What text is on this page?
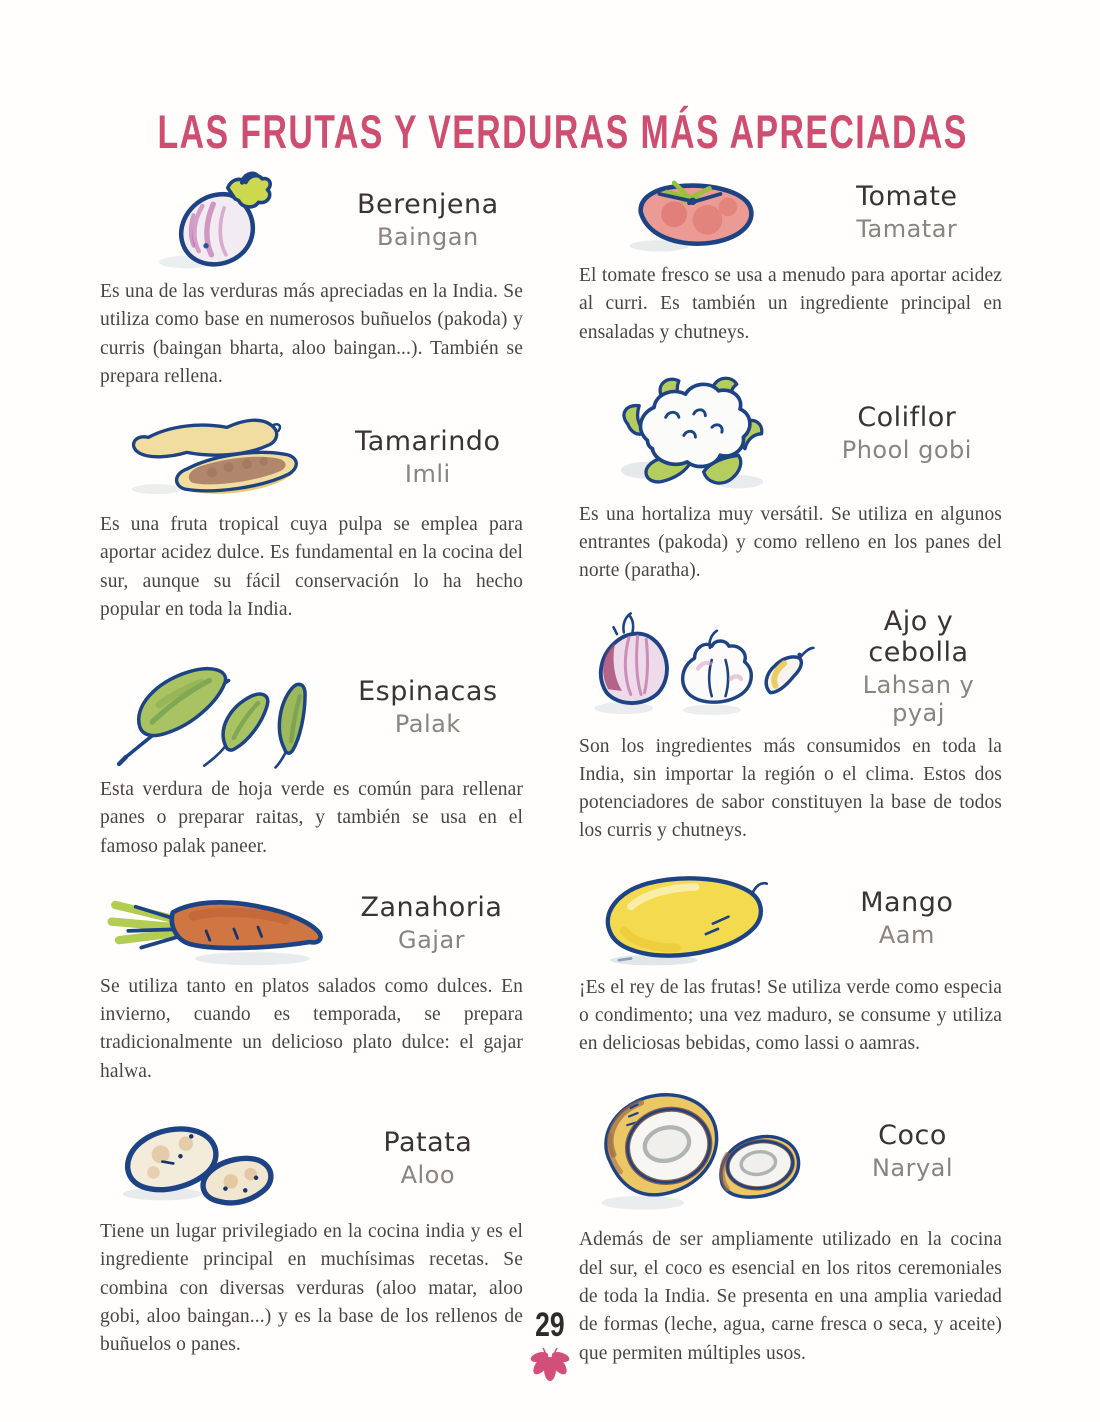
LAS FRUTAS Y VERDURAS MÁS APRECIADAS
Berenjena
Baingan
Es una de las verduras más apreciadas en la India. Se utiliza como base en numerosos buñuelos (pakoda) y curris (baingan bharta, aloo baingan...). También se prepara rellena.
Tamarindo
Imli
Es una fruta tropical cuya pulpa se emplea para aportar acidez dulce. Es fundamental en la cocina del sur, aunque su fácil conservación lo ha hecho popular en toda la India.
Espinacas
Palak
Esta verdura de hoja verde es común para rellenar panes o preparar raitas, y también se usa en el famoso palak paneer.
Zanahoria
Gajar
Se utiliza tanto en platos salados como dulces. En invierno, cuando es temporada, se prepara tradicionalmente un delicioso plato dulce: el gajar halwa.
Patata
Aloo
Tiene un lugar privilegiado en la cocina india y es el ingrediente principal en muchísimas recetas. Se combina con diversas verduras (aloo matar, aloo gobi, aloo baingan...) y es la base de los rellenos de buñuelos o panes.
Tomate
Tamatar
El tomate fresco se usa a menudo para aportar acidez al curri. Es también un ingrediente principal en ensaladas y chutneys.
Coliflor
Phool gobi
Es una hortaliza muy versátil. Se utiliza en algunos entrantes (pakoda) y como relleno en los panes del norte (paratha).
Ajo y cebolla
Lahsan y pyaj
Son los ingredientes más consumidos en toda la India, sin importar la región o el clima. Estos dos potenciadores de sabor constituyen la base de todos los curris y chutneys.
Mango
Aam
¡Es el rey de las frutas! Se utiliza verde como especia o condimento; una vez maduro, se consume y utiliza en deliciosas bebidas, como lassi o aamras.
Coco
Naryal
Además de ser ampliamente utilizado en la cocina del sur, el coco es esencial en los ritos ceremoniales de toda la India. Se presenta en una amplia variedad de formas (leche, agua, carne fresca o seca, y aceite) que permiten múltiples usos.
29
